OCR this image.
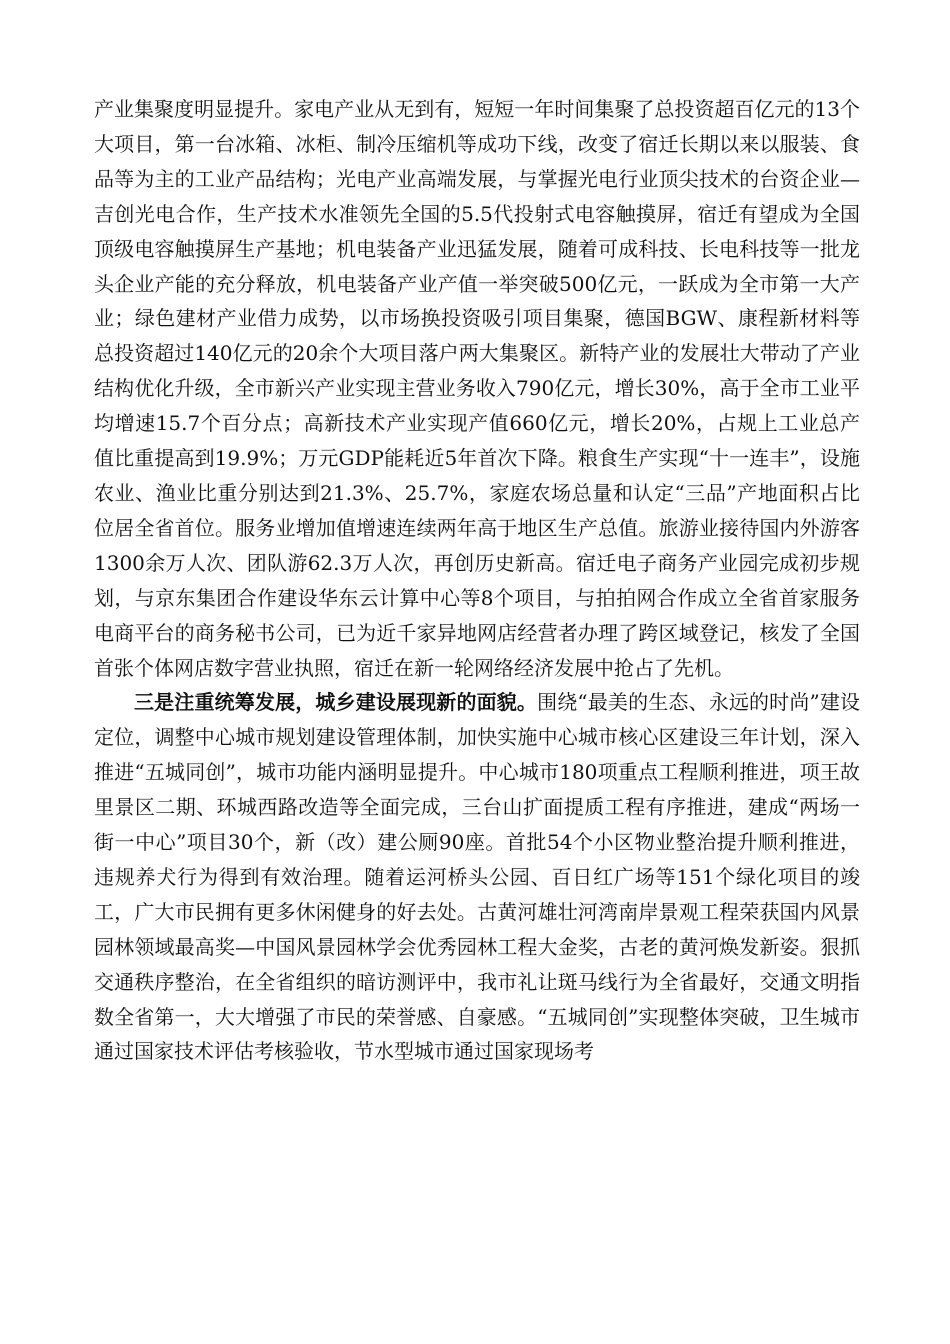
产业集聚度明显提升。家电产业从无到有，短短一年时间集聚了总投资超百亿元的13个大项目，第一台冰箱、冰柜、制冷压缩机等成功下线，改变了宿迁长期以来以服装、食品等为主的工业产品结构；光电产业高端发展，与掌握光电行业顶尖技术的台资企业—吉创光电合作，生产技术水准领先全国的5.5代投射式电容触摸屏，宿迁有望成为全国顶级电容触摸屏生产基地；机电装备产业迅猛发展，随着可成科技、长电科技等一批龙头企业产能的充分释放，机电装备产业产值一举突破500亿元，一跃成为全市第一大产业；绿色建材产业借力成势，以市场换投资吸引项目集聚，德国BGW、康程新材料等总投资超过140亿元的20余个大项目落户两大集聚区。新特产业的发展壮大带动了产业结构优化升级，全市新兴产业实现主营业务收入790亿元，增长30%，高于全市工业平均增速15.7个百分点；高新技术产业实现产值660亿元，增长20%，占规上工业总产值比重提高到19.9%；万元GDP能耗近5年首次下降。粮食生产实现“十一连丰”，设施农业、渔业比重分别达到21.3%、25.7%，家庭农场总量和认定“三品”产地面积占比位居全省首位。服务业增加值增速连续两年高于地区生产总值。旅游业接待国内外游客1300余万人次、团队游62.3万人次，再创历史新高。宿迁电子商务产业园完成初步规划，与京东集团合作建设华东云计算中心等8个项目，与拍拍网合作成立全省首家服务电商平台的商务秘书公司，已为近千家异地网店经营者办理了跨区域登记，核发了全国首张个体网店数字营业执照，宿迁在新一轮网络经济发展中抢占了先机。

三是注重统筹发展，城乡建设展现新的面貌。围绕“最美的生态、永远的时尚”建设定位，调整中心城市规划建设管理体制，加快实施中心城市核心区建设三年计划，深入推进“五城同创”，城市功能内涵明显提升。中心城市180项重点工程顺利推进，项王故里景区二期、环城西路改造等全面完成，三台山扩面提质工程有序推进，建成“两场一街一中心”项目30个，新（改）建公厕90座。首批54个小区物业整治提升顺利推进，违规养犬行为得到有效治理。随着运河桥头公园、百日红广场等151个绿化项目的竣工，广大市民拥有更多休闲健身的好去处。古黄河雄壮河湾南岸景观工程荣获国内风景园林领域最高奖—中国风景园林学会优秀园林工程大金奖，古老的黄河焕发新姿。狠抓交通秩序整治，在全省组织的暗访测评中，我市礼让斑马线行为全省最好，交通文明指数全省第一，大大增强了市民的荣誉感、自豪感。“五城同创”实现整体突破，卫生城市通过国家技术评估考核验收，节水型城市通过国家现场考
